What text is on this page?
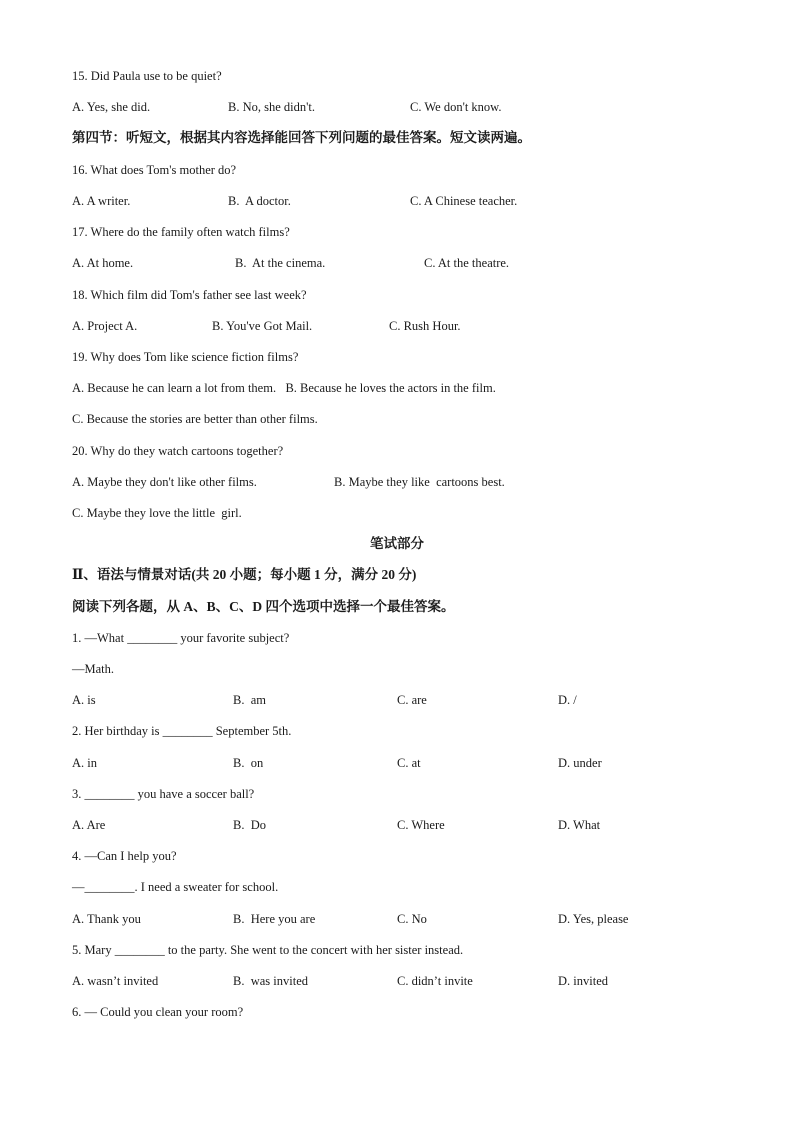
15. Did Paula use to be quiet?
A. Yes, she did.	B. No, she didn't.	C. We don't know.
第四节：听短文，根据其内容选择能回答下列问题的最佳答案。短文读两遍。
16. What does Tom's mother do?
A. A writer.	B.  A doctor.	C. A Chinese teacher.
17. Where do the family often watch films?
A. At home.	B.  At the cinema.	C. At the theatre.
18. Which film did Tom's father see last week?
A. Project A.	B. You've Got Mail.	C. Rush Hour.
19. Why does Tom like science fiction films?
A. Because he can learn a lot from them.   B. Because he loves the actors in the film.
C. Because the stories are better than other films.
20. Why do they watch cartoons together?
A. Maybe they don't like other films.	B. Maybe they like  cartoons best.
C. Maybe they love the little  girl.
笔试部分
Ⅱ、语法与情景对话(共 20 小题；每小题 1 分，满分 20 分)
阅读下列各题，从 A、B、C、D 四个选项中选择一个最佳答案。
1. —What ________ your favorite subject?
—Math.
A. is	B.  am	C. are	D. /
2. Her birthday is ________ September 5th.
A. in	B.  on	C. at	D. under
3. ________ you have a soccer ball?
A. Are	B.  Do	C. Where	D. What
4. —Can I help you?
—________. I need a sweater for school.
A. Thank you	B.  Here you are	C. No	D. Yes, please
5. Mary ________ to the party. She went to the concert with her sister instead.
A. wasn’t invited	B.  was invited	C. didn’t invite	D. invited
6. — Could you clean your room?
